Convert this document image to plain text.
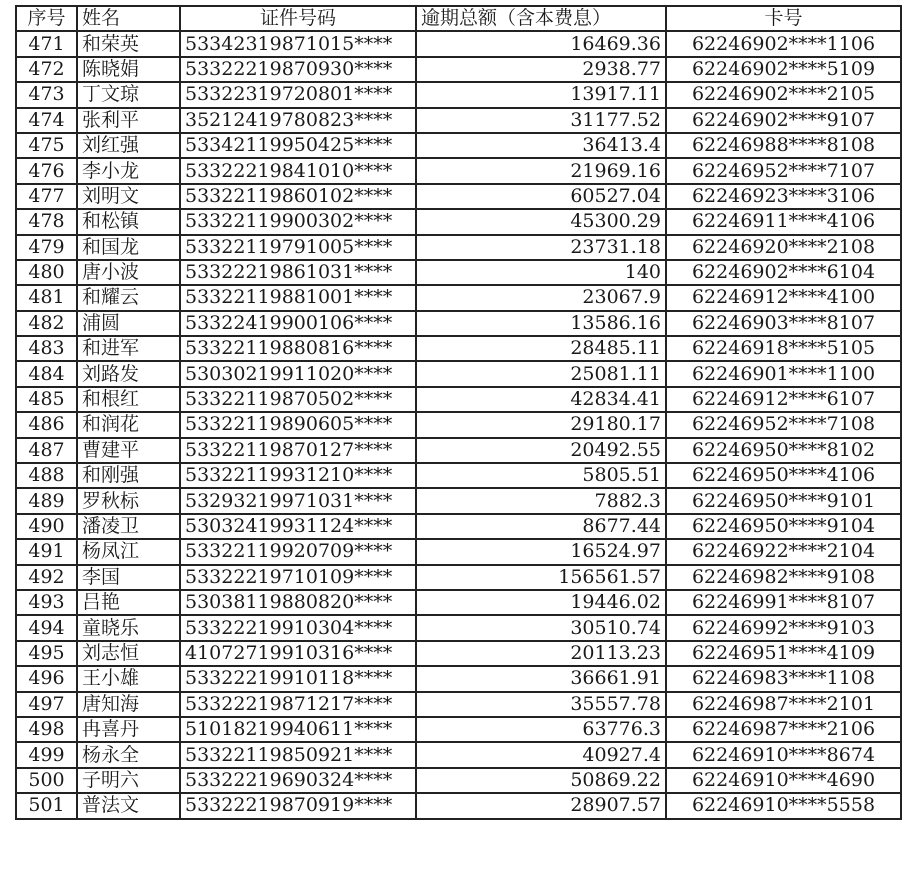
序号	姓名	证件号码	逾期总额（含本费息）	卡号
471	和荣英	53342319871015****	16469.36	62246902****1106
472	陈晓娟	53322219870930****	2938.77	62246902****5109
473	丁文琼	53322319720801****	13917.11	62246902****2105
474	张利平	35212419780823****	31177.52	62246902****9107
475	刘红强	53342119950425****	36413.4	62246988****8108
476	李小龙	53322219841010****	21969.16	62246952****7107
477	刘明文	53322119860102****	60527.04	62246923****3106
478	和松镇	53322119900302****	45300.29	62246911****4106
479	和国龙	53322119791005****	23731.18	62246920****2108
480	唐小波	53322219861031****	140	62246902****6104
481	和耀云	53322119881001****	23067.9	62246912****4100
482	浦圆	53322419900106****	13586.16	62246903****8107
483	和进军	53322119880816****	28485.11	62246918****5105
484	刘路发	53030219911020****	25081.11	62246901****1100
485	和根红	53322119870502****	42834.41	62246912****6107
486	和润花	53322119890605****	29180.17	62246952****7108
487	曹建平	53322119870127****	20492.55	62246950****8102
488	和刚强	53322119931210****	5805.51	62246950****4106
489	罗秋标	53293219971031****	7882.3	62246950****9101
490	潘凌卫	53032419931124****	8677.44	62246950****9104
491	杨凤江	53322119920709****	16524.97	62246922****2104
492	李国	53322219710109****	156561.57	62246982****9108
493	吕艳	53038119880820****	19446.02	62246991****8107
494	童晓乐	53322219910304****	30510.74	62246992****9103
495	刘志恒	41072719910316****	20113.23	62246951****4109
496	王小雄	53322219910118****	36661.91	62246983****1108
497	唐知海	53322219871217****	35557.78	62246987****2101
498	冉喜丹	51018219940611****	63776.3	62246987****2106
499	杨永全	53322119850921****	40927.4	62246910****8674
500	子明六	53322219690324****	50869.22	62246910****4690
501	普法文	53322219870919****	28907.57	62246910****5558
